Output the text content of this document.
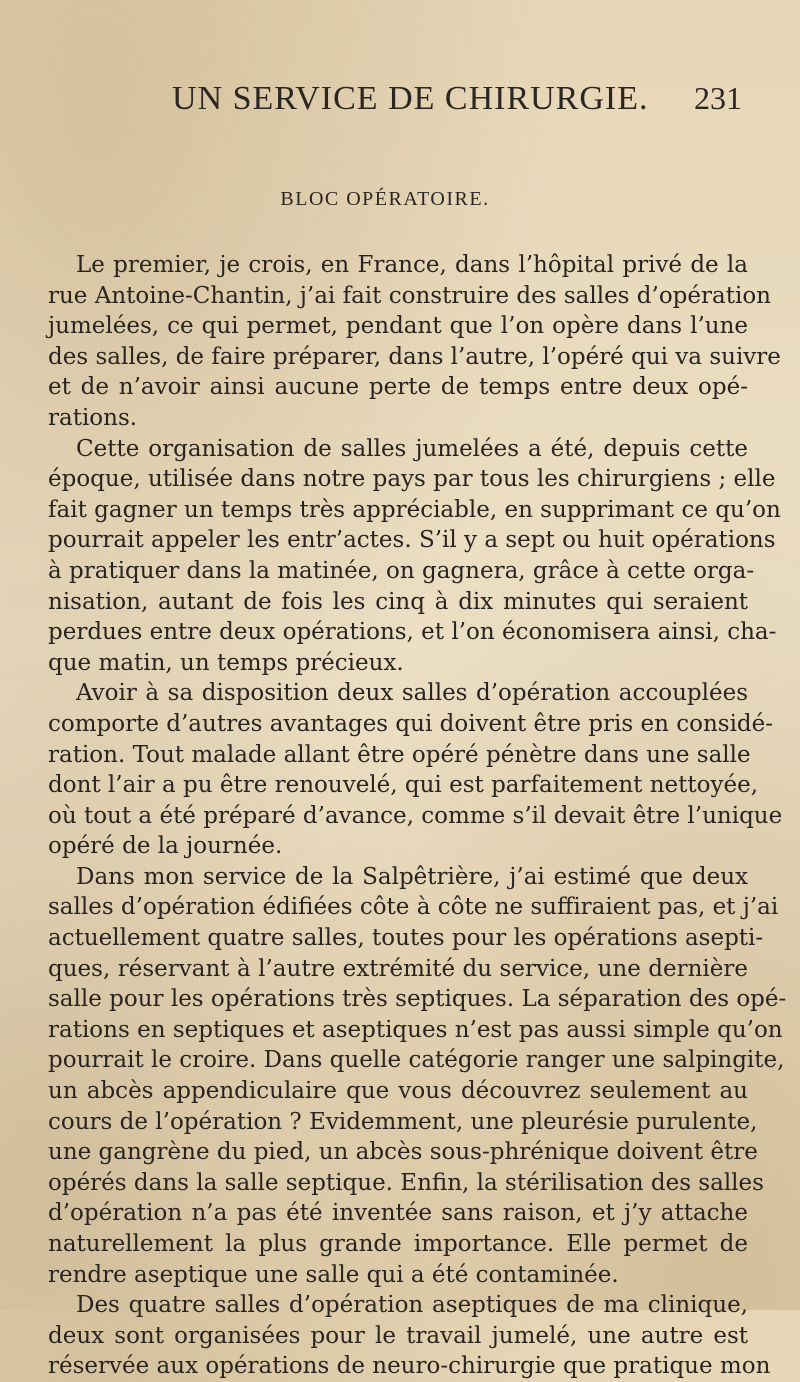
UN SERVICE DE CHIRURGIE. 231
BLOC OPÉRATOIRE.
Le premier, je crois, en France, dans l’hôpital privé de la
rue Antoine-Chantin, j’ai fait construire des salles d’opération
jumelées, ce qui permet, pendant que l’on opère dans l’une
des salles, de faire préparer, dans l’autre, l’opéré qui va suivre
et de n’avoir ainsi aucune perte de temps entre deux opé-
rations.
Cette organisation de salles jumelées a été, depuis cette
époque, utilisée dans notre pays par tous les chirurgiens ; elle
fait gagner un temps très appréciable, en supprimant ce qu’on
pourrait appeler les entr’actes. S’il y a sept ou huit opérations
à pratiquer dans la matinée, on gagnera, grâce à cette orga-
nisation, autant de fois les cinq à dix minutes qui seraient
perdues entre deux opérations, et l’on économisera ainsi, cha-
que matin, un temps précieux.
Avoir à sa disposition deux salles d’opération accouplées
comporte d’autres avantages qui doivent être pris en considé-
ration. Tout malade allant être opéré pénètre dans une salle
dont l’air a pu être renouvelé, qui est parfaitement nettoyée,
où tout a été préparé d’avance, comme s’il devait être l’unique
opéré de la journée.
Dans mon service de la Salpêtrière, j’ai estimé que deux
salles d’opération édifiées côte à côte ne suffiraient pas, et j’ai
actuellement quatre salles, toutes pour les opérations asepti-
ques, réservant à l’autre extrémité du service, une dernière
salle pour les opérations très septiques. La séparation des opé-
rations en septiques et aseptiques n’est pas aussi simple qu’on
pourrait le croire. Dans quelle catégorie ranger une salpingite,
un abcès appendiculaire que vous découvrez seulement au
cours de l’opération ? Evidemment, une pleurésie purulente,
une gangrène du pied, un abcès sous-phrénique doivent être
opérés dans la salle septique. Enfin, la stérilisation des salles
d’opération n’a pas été inventée sans raison, et j’y attache
naturellement la plus grande importance. Elle permet de
rendre aseptique une salle qui a été contaminée.
Des quatre salles d’opération aseptiques de ma clinique,
deux sont organisées pour le travail jumelé, une autre est
réservée aux opérations de neuro-chirurgie que pratique mon
